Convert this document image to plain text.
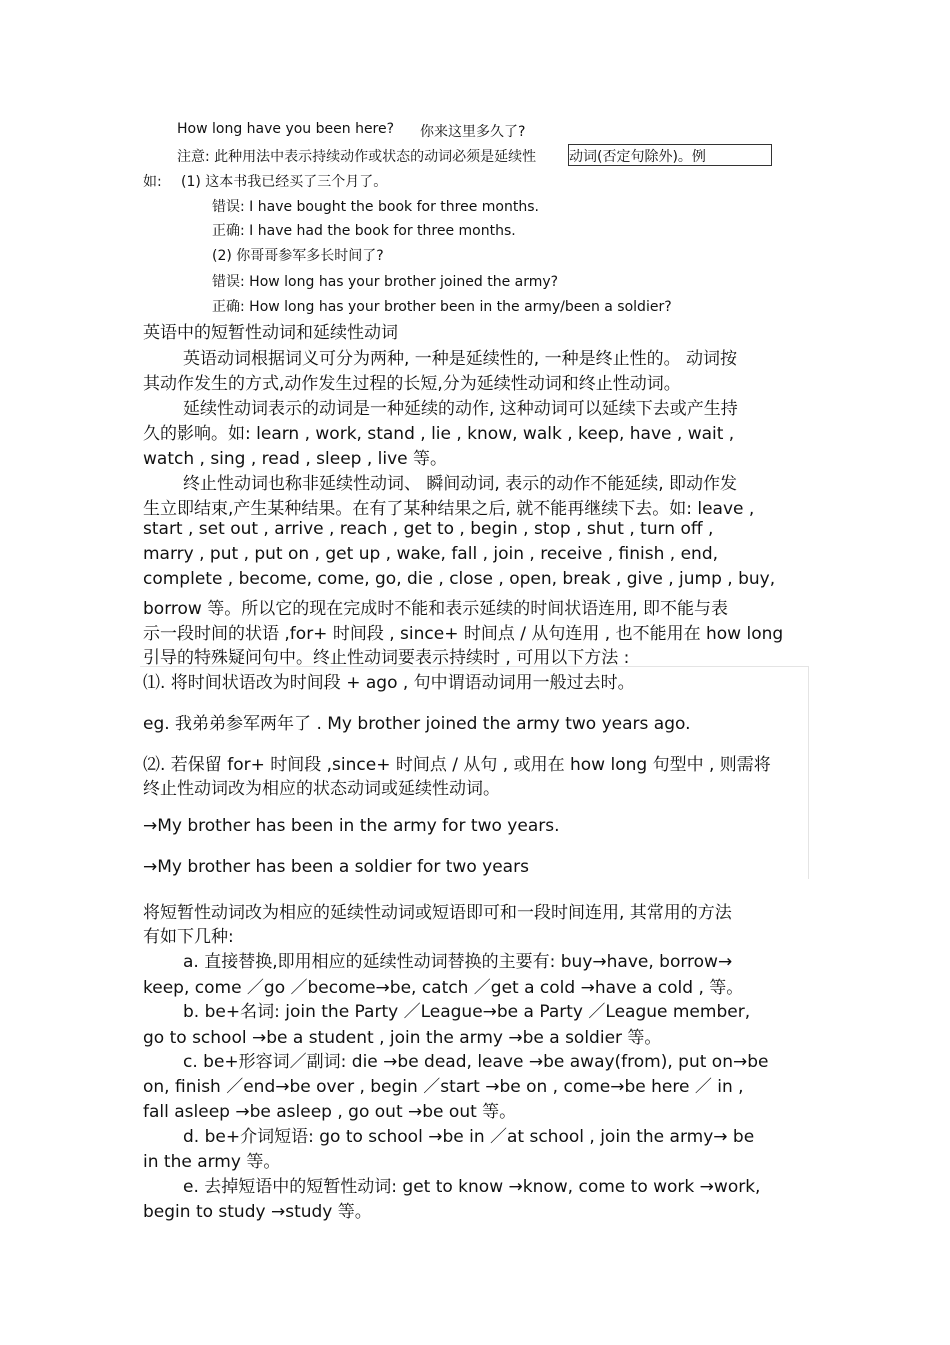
How long have you been here? 你来这里多久了?
注意: 此种用法中表示持续动作或状态的动词必须是延续性 动词(否定句除外)。例
如: (1) 这本书我已经买了三个月了。
错误: I have bought the book for three months.
正确: I have had the book for three months.
(2) 你哥哥参军多长时间了?
错误: How long has your brother joined the army?
正确: How long has your brother been in the army/been a soldier?
英语中的短暂性动词和延续性动词
英语动词根据词义可分为两种, 一种是延续性的, 一种是终止性的。 动词按
其动作发生的方式,动作发生过程的长短,分为延续性动词和终止性动词。
延续性动词表示的动词是一种延续的动作, 这种动词可以延续下去或产生持
久的影响。如: learn , work, stand , lie , know, walk , keep, have , wait ,
watch , sing , read , sleep , live 等。
终止性动词也称非延续性动词、 瞬间动词, 表示的动作不能延续, 即动作发
生立即结束,产生某种结果。在有了某种结果之后, 就不能再继续下去。如: leave ,
start , set out , arrive , reach , get to , begin , stop , shut , turn off ,
marry , put , put on , get up , wake, fall , join , receive , finish , end,
complete , become, come, go, die , close , open, break , give , jump , buy,
borrow 等。所以它的现在完成时不能和表示延续的时间状语连用, 即不能与表
示一段时间的状语 ,for+ 时间段 , since+ 时间点 / 从句连用 , 也不能用在 how long
引导的特殊疑问句中。终止性动词要表示持续时 , 可用以下方法 :
⑴. 将时间状语改为时间段 + ago , 句中谓语动词用一般过去时。
eg. 我弟弟参军两年了 . My brother joined the army two years ago.
⑵. 若保留 for+ 时间段 ,since+ 时间点 / 从句 , 或用在 how long 句型中 , 则需将
终止性动词改为相应的状态动词或延续性动词。
→My brother has been in the army for two years.
→My brother has been a soldier for two years
将短暂性动词改为相应的延续性动词或短语即可和一段时间连用, 其常用的方法
有如下几种:
a. 直接替换,即用相应的延续性动词替换的主要有: buy→have, borrow→
keep, come ／go ／become→be, catch ／get a cold →have a cold , 等。
b. be+名词: join the Party ／League→be a Party ／League member,
go to school →be a student , join the army →be a soldier 等。
c. be+形容词／副词: die →be dead, leave →be away(from), put on→be
on, finish ／end→be over , begin ／start →be on , come→be here ／ in ,
fall asleep →be asleep , go out →be out 等。
d. be+介词短语: go to school →be in ／at school , join the army→ be
in the army 等。
e. 去掉短语中的短暂性动词: get to know →know, come to work →work,
begin to study →study 等。
